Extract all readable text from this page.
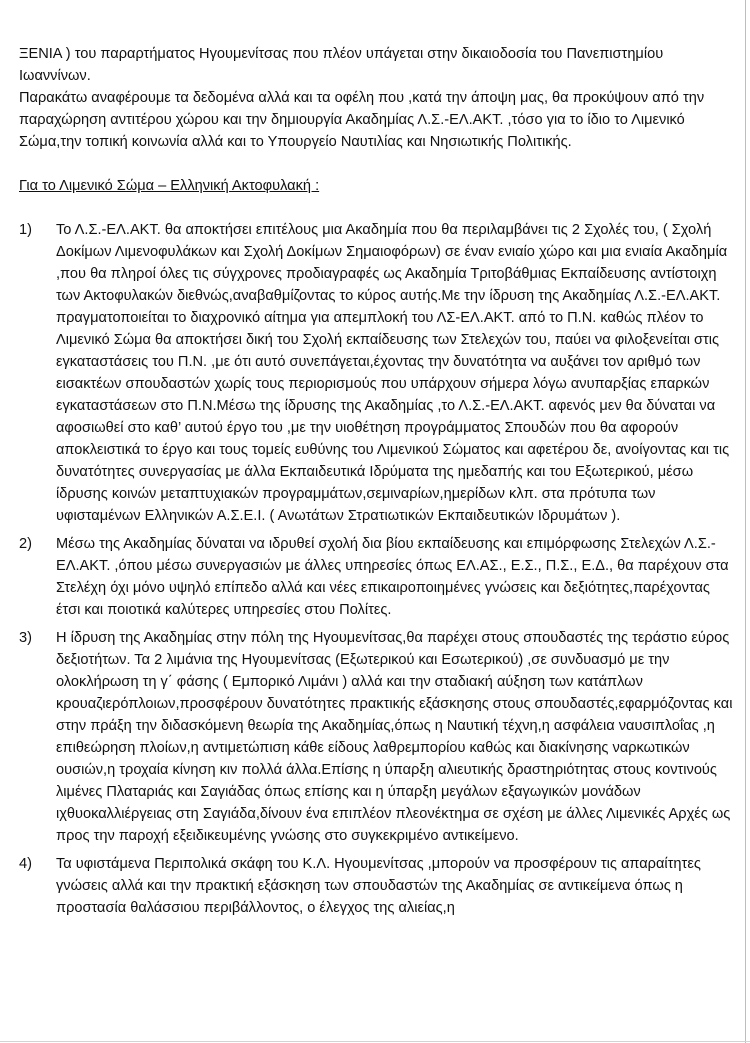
ΞΕΝΙΑ ) του παραρτήματος Ηγουμενίτσας που πλέον υπάγεται στην δικαιοδοσία του Πανεπιστημίου Ιωαννίνων.

Παρακάτω αναφέρουμε τα δεδομένα αλλά και τα οφέλη που ,κατά την άποψη μας, θα προκύψουν από την παραχώρηση αντιτέρου χώρου και την δημιουργία Ακαδημίας Λ.Σ.-ΕΛ.ΑΚΤ. ,τόσο για το ίδιο το Λιμενικό Σώμα,την τοπική κοινωνία αλλά και το Υπουργείο Ναυτιλίας και Νησιωτικής Πολιτικής.

Για το Λιμενικό Σώμα – Ελληνική Ακτοφυλακή :

1) Το Λ.Σ.-ΕΛ.ΑΚΤ. θα αποκτήσει επιτέλους μια Ακαδημία που θα περιλαμβάνει τις 2 Σχολές του, ( Σχολή Δοκίμων Λιμενοφυλάκων και Σχολή Δοκίμων Σημαιοφόρων) σε έναν ενιαίο χώρο και μια ενιαία Ακαδημία ,που θα πληροί όλες τις σύγχρονες προδιαγραφές ως Ακαδημία Τριτοβάθμιας Εκπαίδευσης αντίστοιχη των Ακτοφυλακών διεθνώς,αναβαθμίζοντας το κύρος αυτής.Με την ίδρυση της Ακαδημίας Λ.Σ.-ΕΛ.ΑΚΤ. πραγματοποιείται το διαχρονικό αίτημα για απεμπλοκή του ΛΣ-ΕΛ.ΑΚΤ. από το Π.Ν. καθώς πλέον το Λιμενικό Σώμα θα αποκτήσει δική του Σχολή εκπαίδευσης των Στελεχών του, παύει να φιλοξενείται στις εγκαταστάσεις του Π.Ν. ,με ότι αυτό συνεπάγεται,έχοντας την δυνατότητα να αυξάνει τον αριθμό των εισακτέων σπουδαστών χωρίς τους περιορισμούς που υπάρχουν σήμερα λόγω ανυπαρξίας επαρκών εγκαταστάσεων στο Π.Ν.Μέσω της ίδρυσης της Ακαδημίας ,το Λ.Σ.-ΕΛ.ΑΚΤ. αφενός μεν θα δύναται να αφοσιωθεί στο καθ’ αυτού έργο του ,με την υιοθέτηση προγράμματος Σπουδών που θα αφορούν αποκλειστικά το έργο και τους τομείς ευθύνης του Λιμενικού Σώματος και αφετέρου δε, ανοίγοντας και τις δυνατότητες συνεργασίας με άλλα Εκπαιδευτικά Ιδρύματα της ημεδαπής και του Εξωτερικού, μέσω ίδρυσης κοινών μεταπτυχιακών προγραμμάτων,σεμιναρίων,ημερίδων κλπ. στα πρότυπα των υφισταμένων Ελληνικών Α.Σ.Ε.Ι. ( Ανωτάτων Στρατιωτικών Εκπαιδευτικών Ιδρυμάτων ).
2) Μέσω της Ακαδημίας δύναται να ιδρυθεί σχολή δια βίου εκπαίδευσης και επιμόρφωσης Στελεχών Λ.Σ.-ΕΛ.ΑΚΤ. ,όπου μέσω συνεργασιών με άλλες υπηρεσίες όπως ΕΛ.ΑΣ., Ε.Σ., Π.Σ., Ε.Δ., θα παρέχουν στα Στελέχη όχι μόνο υψηλό επίπεδο αλλά και νέες επικαιροποιημένες γνώσεις και δεξιότητες,παρέχοντας έτσι και ποιοτικά καλύτερες υπηρεσίες στου Πολίτες.
3) Η ίδρυση της Ακαδημίας στην πόλη της Ηγουμενίτσας,θα παρέχει στους σπουδαστές της τεράστιο εύρος δεξιοτήτων. Τα 2 λιμάνια της Ηγουμενίτσας (Εξωτερικού και Εσωτερικού) ,σε συνδυασμό με την ολοκλήρωση τη γ΄ φάσης ( Εμπορικό Λιμάνι ) αλλά και την σταδιακή αύξηση των κατάπλων κρουαζιερόπλοιων,προσφέρουν δυνατότητες πρακτικής εξάσκησης στους σπουδαστές,εφαρμόζοντας και στην πράξη την διδασκόμενη θεωρία της Ακαδημίας,όπως η Ναυτική τέχνη,η ασφάλεια ναυσιπλοΐας ,η επιθεώρηση πλοίων,η αντιμετώπιση κάθε είδους λαθρεμπορίου καθώς και διακίνησης ναρκωτικών ουσιών,η τροχαία κίνηση κιν πολλά άλλα.Επίσης η ύπαρξη αλιευτικής δραστηριότητας στους κοντινούς λιμένες Πλαταριάς και Σαγιάδας όπως επίσης και η ύπαρξη μεγάλων εξαγωγικών μονάδων ιχθυοκαλλιέργειας στη Σαγιάδα,δίνουν ένα επιπλέον πλεονέκτημα σε σχέση με άλλες Λιμενικές Αρχές ως προς την παροχή εξειδικευμένης γνώσης στο συγκεκριμένο αντικείμενο.
4) Τα υφιστάμενα Περιπολικά σκάφη του Κ.Λ. Ηγουμενίτσας ,μπορούν να προσφέρουν τις απαραίτητες γνώσεις αλλά και την πρακτική εξάσκηση των σπουδαστών της Ακαδημίας σε αντικείμενα όπως η προστασία θαλάσσιου περιβάλλοντος, ο έλεγχος της αλιείας,η
